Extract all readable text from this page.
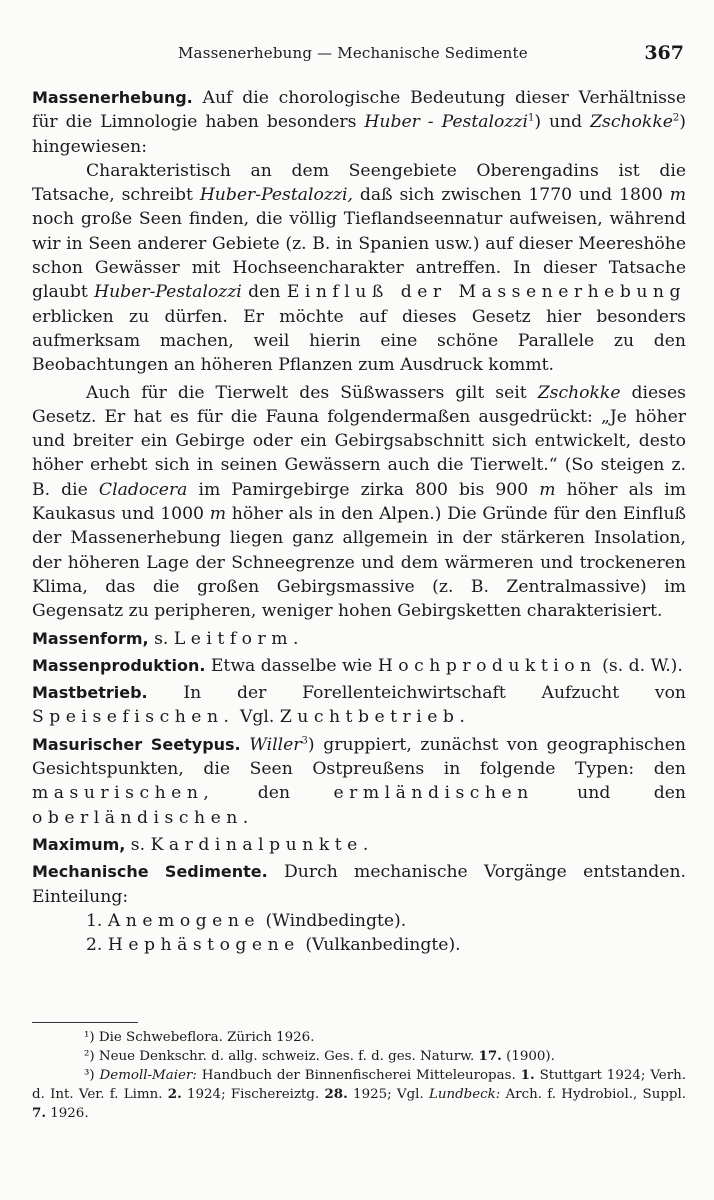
Massenerhebung — Mechanische Sedimente	367

Massenerhebung. Auf die chorologische Bedeutung dieser Verhältnisse für die Limnologie haben besonders Huber - Pestalozzi$^1$) und Zschokke$^2$) hingewiesen:

Charakteristisch an dem Seengebiete Oberengadins ist die Tatsache, schreibt Huber-Pestalozzi, daß sich zwischen 1770 und 1800 m noch große Seen finden, die völlig Tieflandseennatur aufweisen, während wir in Seen anderer Gebiete (z. B. in Spanien usw.) auf dieser Meereshöhe schon Gewässer mit Hochseencharakter antreffen. In dieser Tatsache glaubt Huber-Pestalozzi den Einfluß der Massenerhebung erblicken zu dürfen. Er möchte auf dieses Gesetz hier besonders aufmerksam machen, weil hierin eine schöne Parallele zu den Beobachtungen an höheren Pflanzen zum Ausdruck kommt.

Auch für die Tierwelt des Süßwassers gilt seit Zschokke dieses Gesetz. Er hat es für die Fauna folgendermaßen ausgedrückt: „Je höher und breiter ein Gebirge oder ein Gebirgsabschnitt sich entwickelt, desto höher erhebt sich in seinen Gewässern auch die Tierwelt.“ (So steigen z. B. die Cladocera im Pamirgebirge zirka 800 bis 900 m höher als im Kaukasus und 1000 m höher als in den Alpen.) Die Gründe für den Einfluß der Massenerhebung liegen ganz allgemein in der stärkeren Insolation, der höheren Lage der Schneegrenze und dem wärmeren und trockeneren Klima, das die großen Gebirgsmassive (z. B. Zentralmassive) im Gegensatz zu peripheren, weniger hohen Gebirgsketten charakterisiert.

Massenform, s. Leitform.

Massenproduktion. Etwa dasselbe wie Hochproduktion (s. d. W.).

Mastbetrieb. In der Forellenteichwirtschaft Aufzucht von Speisefischen. Vgl. Zuchtbetrieb.

Masurischer Seetypus. Willer$^3$) gruppiert, zunächst von geographischen Gesichtspunkten, die Seen Ostpreußens in folgende Typen: den masurischen, den ermländischen und den oberländischen.

Maximum, s. Kardinalpunkte.

Mechanische Sedimente. Durch mechanische Vorgänge entstanden. Einteilung:

1. Anemogene (Windbedingte).

2. Hephästogene (Vulkanbedingte).

¹) Die Schwebeflora. Zürich 1926.

²) Neue Denkschr. d. allg. schweiz. Ges. f. d. ges. Naturw. 17. (1900).

³) Demoll-Maier: Handbuch der Binnenfischerei Mitteleuropas. 1. Stuttgart 1924; Verh. d. Int. Ver. f. Limn. 2. 1924; Fischereiztg. 28. 1925; Vgl. Lundbeck: Arch. f. Hydrobiol., Suppl. 7. 1926.
